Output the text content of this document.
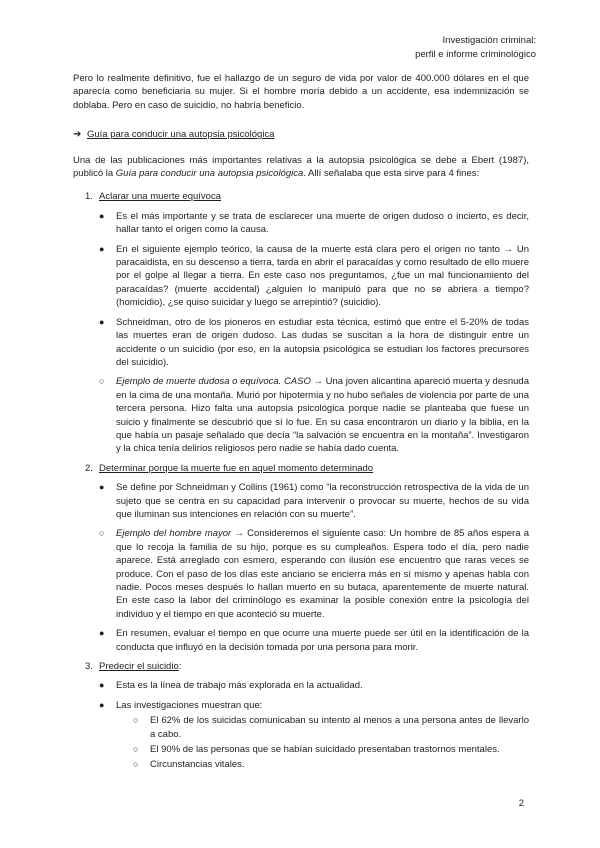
Investigación criminal:
perfil e informe criminológico

Pero lo realmente definitivo, fue el hallazgo de un seguro de vida por valor de 400.000 dólares en el que aparecía como beneficiaria su mujer. Si el hombre moría debido a un accidente, esa indemnización se doblaba. Pero en caso de suicidio, no habría beneficio.

➔ Guía para conducir una autopsia psicológica

Una de las publicaciones más importantes relativas a la autopsia psicológica se debe a Ebert (1987), publicó la Guía para conducir una autopsia psicológica. Allí señalaba que esta sirve para 4 fines:

1. Aclarar una muerte equívoca
●	Es el más importante y se trata de esclarecer una muerte de origen dudoso o incierto, es decir, hallar tanto el origen como la causa.
●	En el siguiente ejemplo teórico, la causa de la muerte está clara pero el origen no tanto → Un paracaidista, en su descenso a tierra, tarda en abrir el paracaídas y como resultado de ello muere por el golpe al llegar a tierra. En este caso nos preguntamos, ¿fue un mal funcionamiento del paracaídas? (muerte accidental) ¿alguien lo manipuló para que no se abriera a tiempo? (homicidio), ¿se quiso suicidar y luego se arrepintió? (suicidio).
●	Schneidman, otro de los pioneros en estudiar esta técnica, estimó que entre el 5-20% de todas las muertes eran de origen dudoso. Las dudas se suscitan a la hora de distinguir entre un accidente o un suicidio (por eso, en la autopsia psicológica se estudian los factores precursores del suicidio).
○	Ejemplo de muerte dudosa o equívoca. CASO → Una joven alicantina apareció muerta y desnuda en la cima de una montaña. Murió por hipotermia y no hubo señales de violencia por parte de una tercera persona. Hizo falta una autopsia psicológica porque nadie se planteaba que fuese un suicio y finalmente se descubrió que sí lo fue. En su casa encontraron un diario y la biblia, en la que había un pasaje señalado que decía “la salvación se encuentra en la montaña”. Investigaron y la chica tenía delirios religiosos pero nadie se había dado cuenta.
2. Determinar porque la muerte fue en aquel momento determinado
●	Se define por Schneidman y Collins (1961) como “la reconstrucción retrospectiva de la vida de un sujeto que se centra en su capacidad para intervenir o provocar su muerte, hechos de su vida que iluminan sus intenciones en relación con su muerte”.
○	Ejemplo del hombre mayor → Consideremos el siguiente caso: Un hombre de 85 años espera a que lo recoja la familia de su hijo, porque es su cumpleaños. Espera todo el día, pero nadie aparece. Está arreglado con esmero, esperando con ilusión ese encuentro que raras veces se produce. Con el paso de los días este anciano se encierra más en sí mismo y apenas habla con nadie. Pocos meses después lo hallan muerto en su butaca, aparentemente de muerte natural. En este caso la labor del criminólogo es examinar la posible conexión entre la psicología del individuo y el tiempo en que aconteció su muerte.
●	En resumen, evaluar el tiempo en que ocurre una muerte puede ser útil en la identificación de la conducta que influyó en la decisión tomada por una persona para morir.
3. Predecir el suicidio:
●	Esta es la línea de trabajo más explorada en la actualidad.
●	Las investigaciones muestran que:
○	El 62% de los suicidas comunicaban su intento al menos a una persona antes de llevarlo a cabo.
○	El 90% de las personas que se habían suicidado presentaban trastornos mentales.
○	Circunstancias vitales.
2
